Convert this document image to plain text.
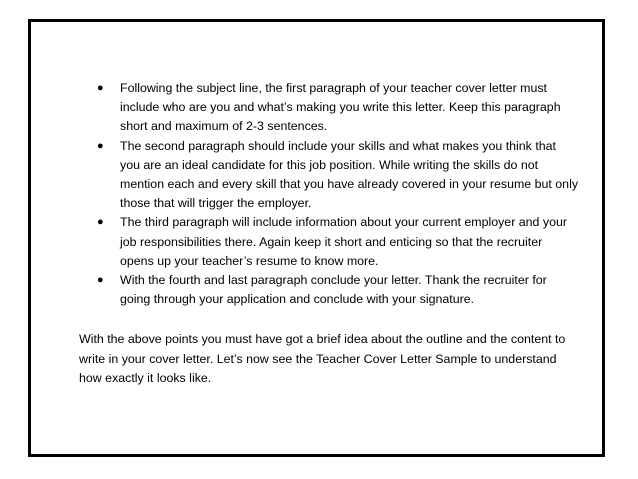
● Following the subject line, the first paragraph of your teacher cover letter must include who are you and what’s making you write this letter. Keep this paragraph short and maximum of 2-3 sentences.
● The second paragraph should include your skills and what makes you think that you are an ideal candidate for this job position. While writing the skills do not mention each and every skill that you have already covered in your resume but only those that will trigger the employer.
● The third paragraph will include information about your current employer and your job responsibilities there. Again keep it short and enticing so that the recruiter opens up your teacher’s resume to know more.
● With the fourth and last paragraph conclude your letter. Thank the recruiter for going through your application and conclude with your signature.

With the above points you must have got a brief idea about the outline and the content to write in your cover letter. Let’s now see the Teacher Cover Letter Sample to understand how exactly it looks like.
